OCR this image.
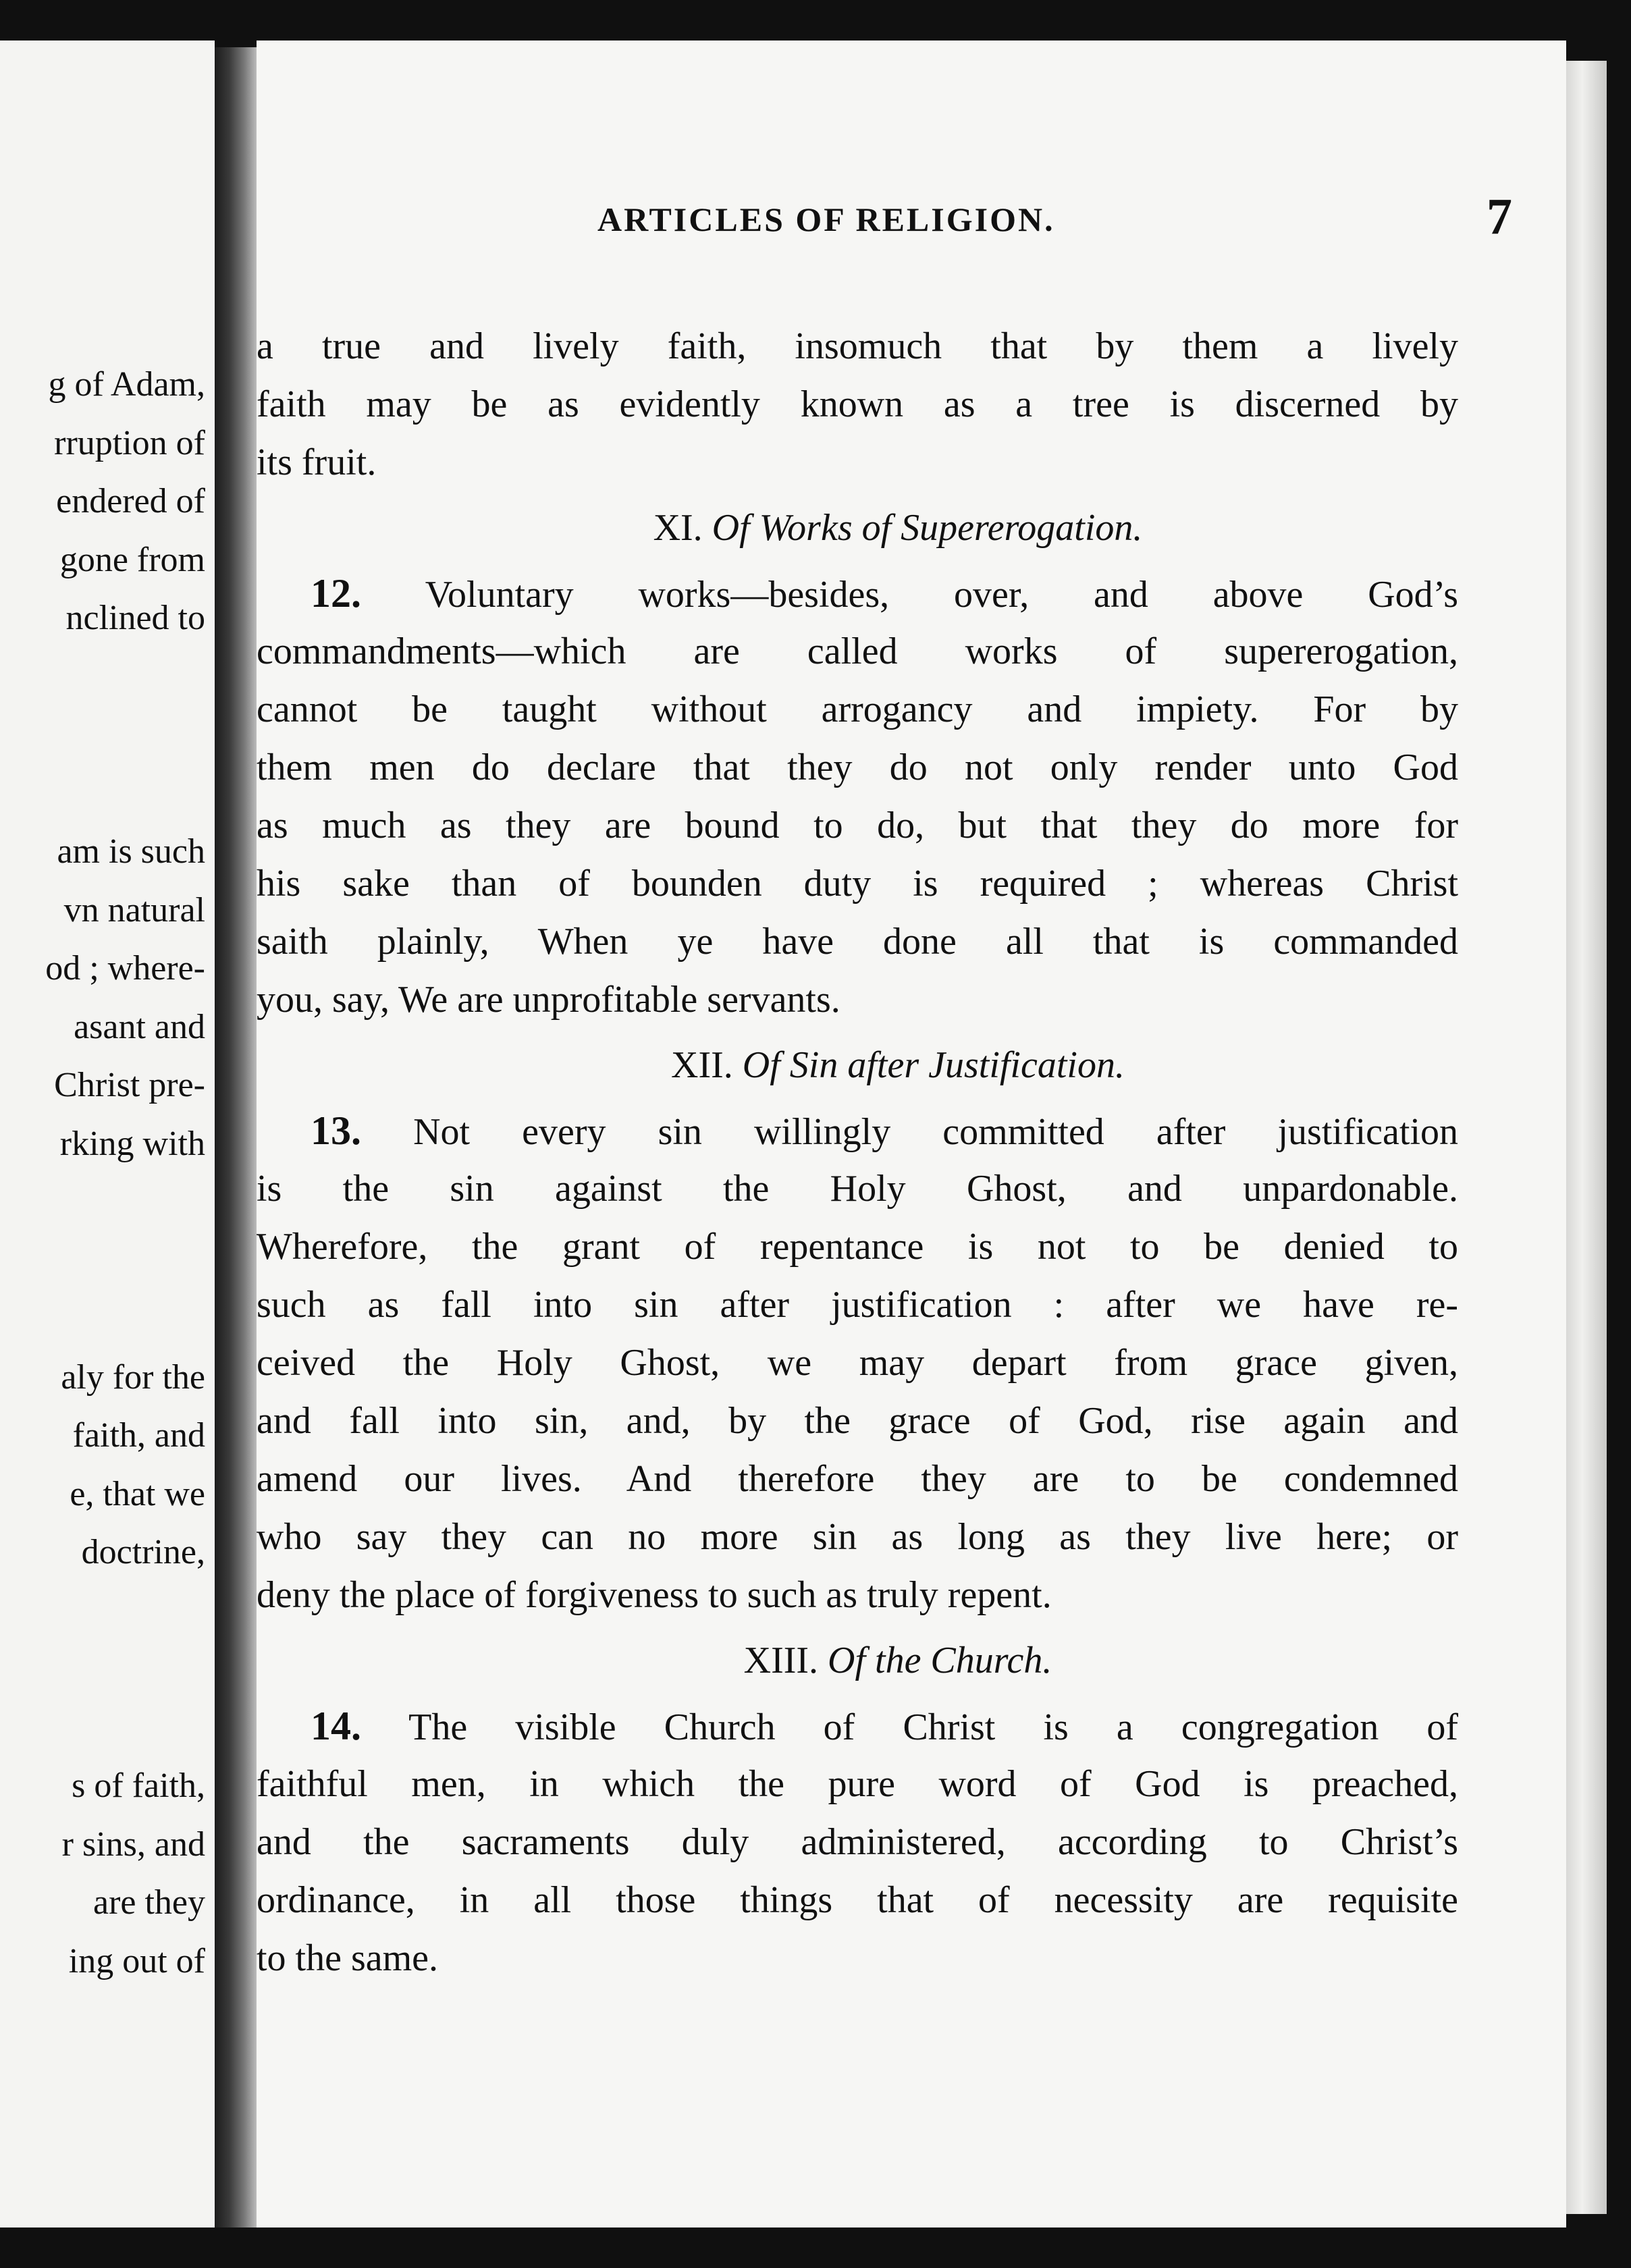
g of Adam,
rruption of
endered of
gone from
nclined to
am is such
vn natural
od ; where-
asant and
Christ pre-
rking with
aly for the
faith, and
e, that we
doctrine,
s of faith,
r sins, and
are they
ing out of
ARTICLES OF RELIGION.	7
a true and lively faith, insomuch that by them a lively
faith may be as evidently known as a tree is discerned by
its fruit.
XI. Of Works of Supererogation.
12. Voluntary works—besides, over, and above God’s
commandments—which are called works of supererogation,
cannot be taught without arrogancy and impiety. For by
them men do declare that they do not only render unto God
as much as they are bound to do, but that they do more for
his sake than of bounden duty is required ; whereas Christ
saith plainly, When ye have done all that is commanded
you, say, We are unprofitable servants.
XII. Of Sin after Justification.
13. Not every sin willingly committed after justification
is the sin against the Holy Ghost, and unpardonable.
Wherefore, the grant of repentance is not to be denied to
such as fall into sin after justification : after we have re-
ceived the Holy Ghost, we may depart from grace given,
and fall into sin, and, by the grace of God, rise again and
amend our lives. And therefore they are to be condemned
who say they can no more sin as long as they live here; or
deny the place of forgiveness to such as truly repent.
XIII. Of the Church.
14. The visible Church of Christ is a congregation of
faithful men, in which the pure word of God is preached,
and the sacraments duly administered, according to Christ’s
ordinance, in all those things that of necessity are requisite
to the same.
